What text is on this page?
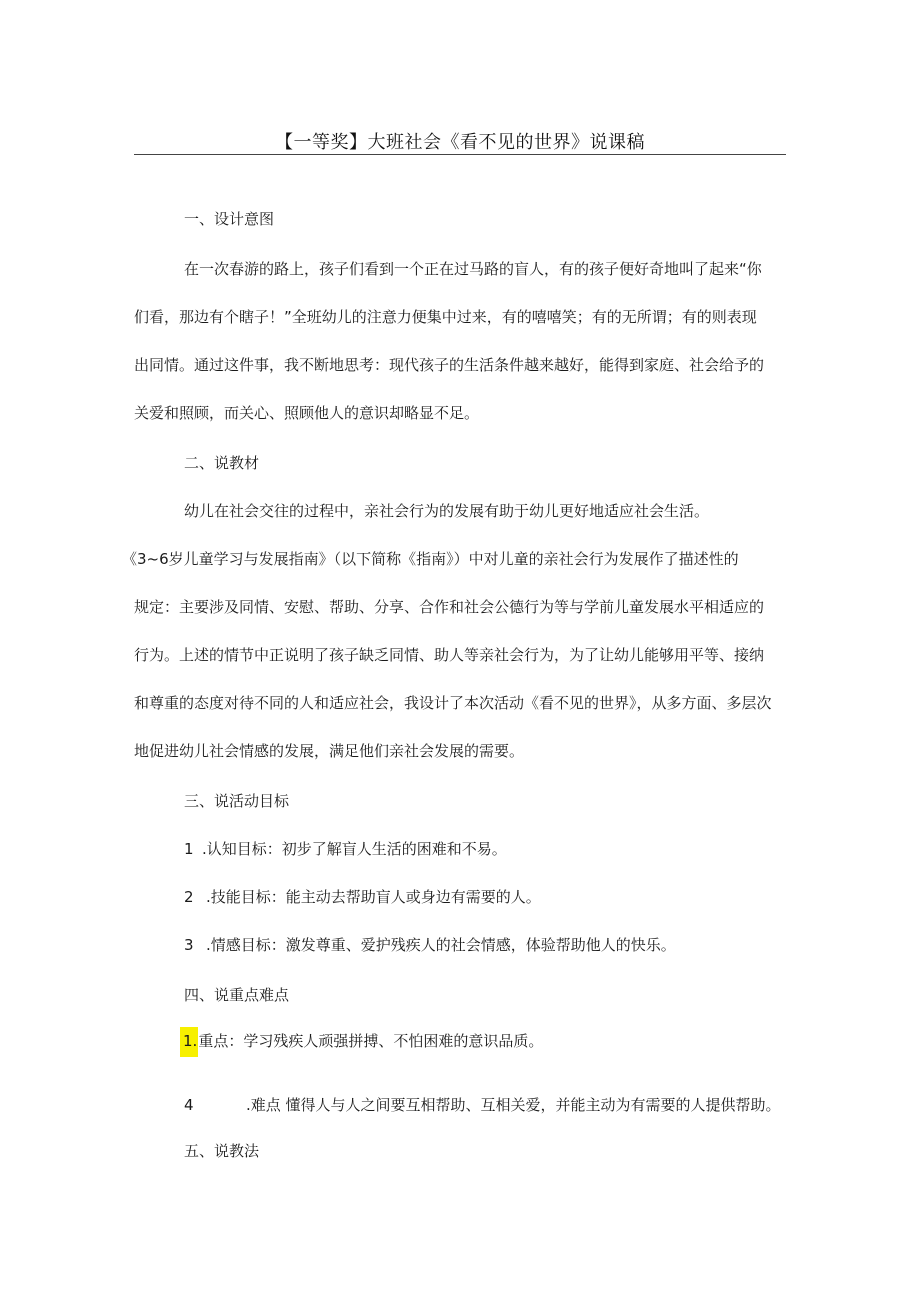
【一等奖】大班社会《看不见的世界》说课稿
一、设计意图
在一次春游的路上，孩子们看到一个正在过马路的盲人，有的孩子便好奇地叫了起来“你
们看，那边有个瞎子！”全班幼儿的注意力便集中过来，有的嘻嘻笑；有的无所谓；有的则表现
出同情。通过这件事，我不断地思考：现代孩子的生活条件越来越好，能得到家庭、社会给予的
关爱和照顾，而关心、照顾他人的意识却略显不足。
二、说教材
幼儿在社会交往的过程中，亲社会行为的发展有助于幼儿更好地适应社会生活。
《3~6岁儿童学习与发展指南》（以下简称《指南》）中对儿童的亲社会行为发展作了描述性的
规定：主要涉及同情、安慰、帮助、分享、合作和社会公德行为等与学前儿童发展水平相适应的
行为。上述的情节中正说明了孩子缺乏同情、助人等亲社会行为，为了让幼儿能够用平等、接纳
和尊重的态度对待不同的人和适应社会，我设计了本次活动《看不见的世界》，从多方面、多层次
地促进幼儿社会情感的发展，满足他们亲社会发展的需要。
三、说活动目标
1 .认知目标：初步了解盲人生活的困难和不易。
2 .技能目标：能主动去帮助盲人或身边有需要的人。
3 .情感目标：激发尊重、爱护残疾人的社会情感，体验帮助他人的快乐。
四、说重点难点
1.重点：学习残疾人顽强拼搏、不怕困难的意识品质。
4	.难点 懂得人与人之间要互相帮助、互相关爱，并能主动为有需要的人提供帮助。
五、说教法
